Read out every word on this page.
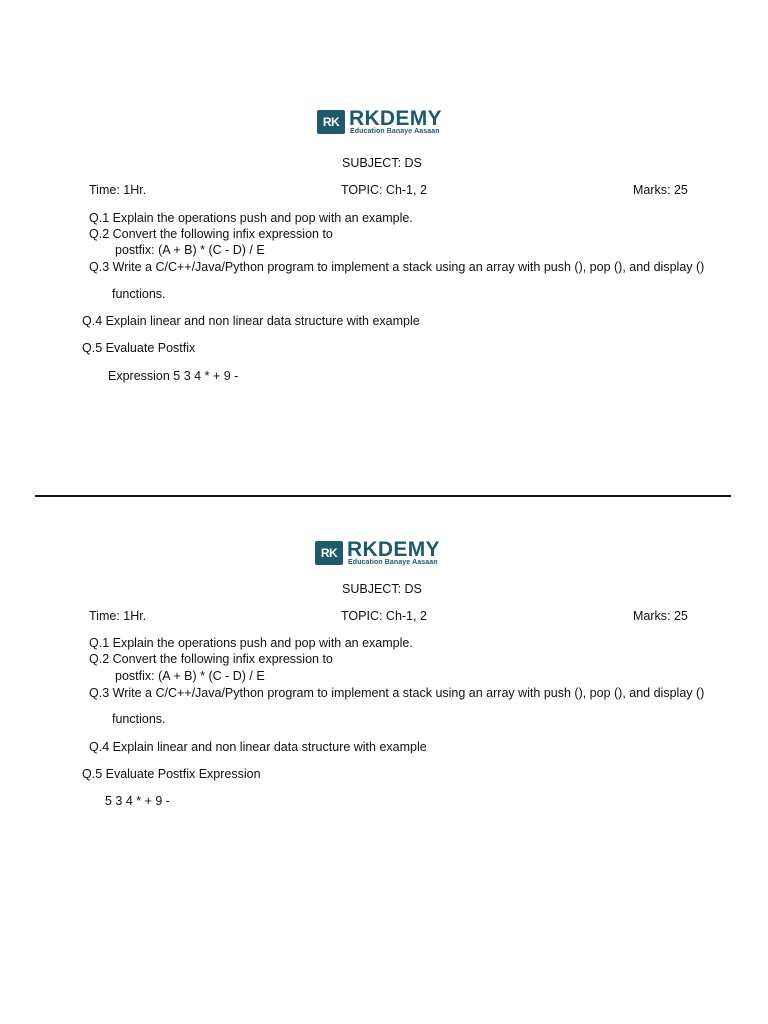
RK RKDEMY
Education Banaye Aasaan
SUBJECT: DS
Time: 1Hr.	TOPIC: Ch-1, 2	Marks: 25
Q.1 Explain the operations push and pop with an example.
Q.2 Convert the following infix expression to
postfix: (A + B) * (C - D) / E
Q.3 Write a C/C++/Java/Python program to implement a stack using an array with push (), pop (), and display ()
functions.
Q.4 Explain linear and non linear data structure with example
Q.5 Evaluate Postfix
Expression 5 3 4 * + 9 -
RK RKDEMY
Education Banaye Aasaan
SUBJECT: DS
Time: 1Hr.	TOPIC: Ch-1, 2	Marks: 25
Q.1 Explain the operations push and pop with an example.
Q.2 Convert the following infix expression to
postfix: (A + B) * (C - D) / E
Q.3 Write a C/C++/Java/Python program to implement a stack using an array with push (), pop (), and display ()
functions.
Q.4 Explain linear and non linear data structure with example
Q.5 Evaluate Postfix Expression
5 3 4 * + 9 -
